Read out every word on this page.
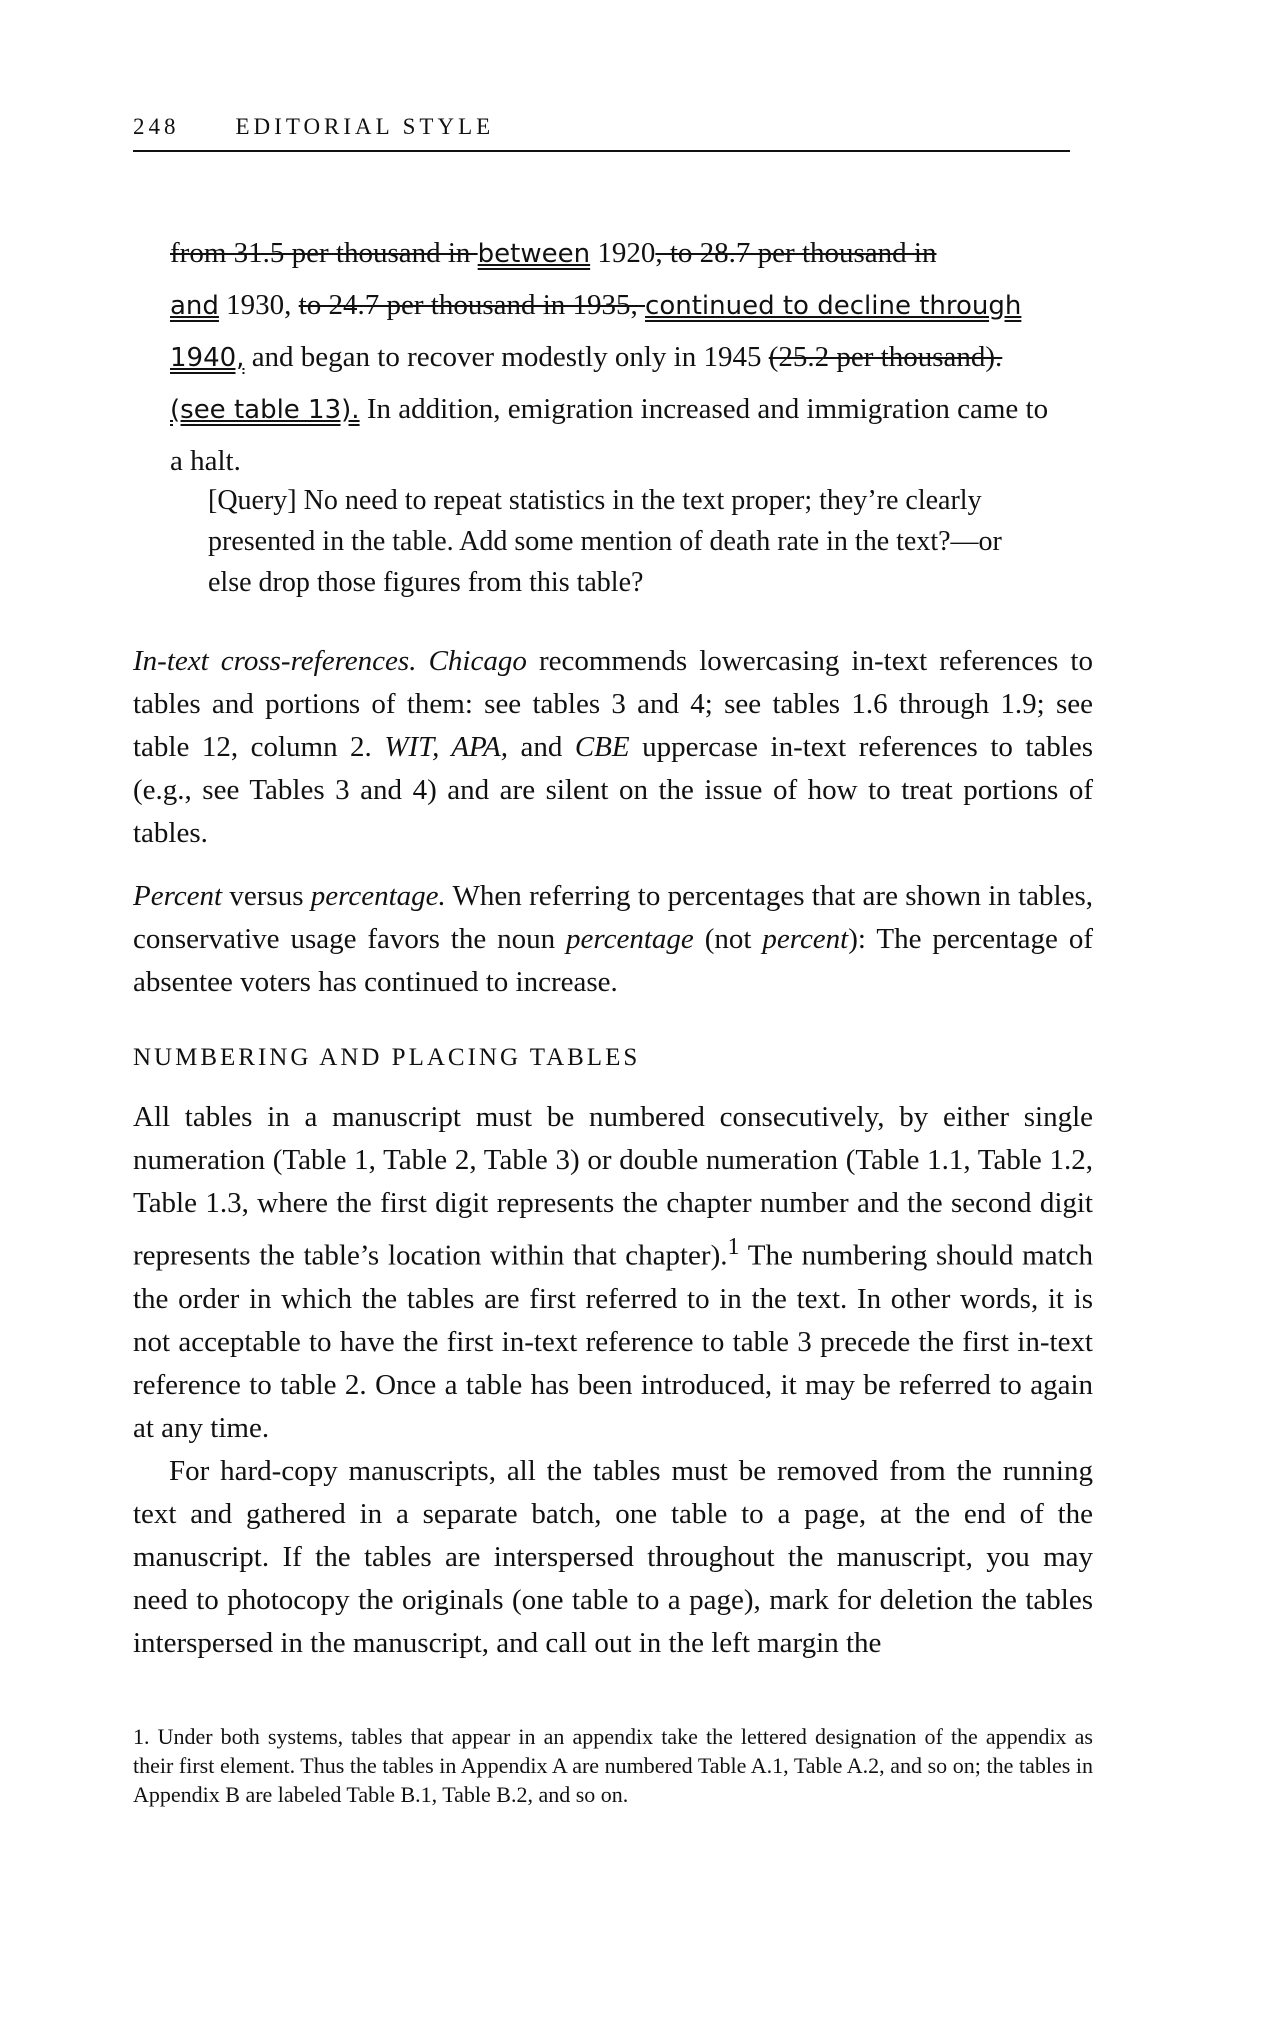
248 EDITORIAL STYLE
from 31.5 per thousand in between 1920, to 28.7 per thousand in
and 1930, to 24.7 per thousand in 1935, continued to decline through 1940, and began to recover modestly only in 1945 (25.2 per thousand). (see table 13). In addition, emigration increased and immigration came to a halt.
[Query] No need to repeat statistics in the text proper; they’re clearly presented in the table. Add some mention of death rate in the text?—or else drop those figures from this table?

In-text cross-references. Chicago recommends lowercasing in-text references to tables and portions of them: see tables 3 and 4; see tables 1.6 through 1.9; see table 12, column 2. WIT, APA, and CBE uppercase in-text references to tables (e.g., see Tables 3 and 4) and are silent on the issue of how to treat portions of tables.

Percent versus percentage. When referring to percentages that are shown in tables, conservative usage favors the noun percentage (not percent): The percentage of absentee voters has continued to increase.

NUMBERING AND PLACING TABLES

All tables in a manuscript must be numbered consecutively, by either single numeration (Table 1, Table 2, Table 3) or double numeration (Table 1.1, Table 1.2, Table 1.3, where the first digit represents the chapter number and the second digit represents the table’s location within that chapter).$^1$ The numbering should match the order in which the tables are first referred to in the text. In other words, it is not acceptable to have the first in-text reference to table 3 precede the first in-text reference to table 2. Once a table has been introduced, it may be referred to again at any time.

For hard-copy manuscripts, all the tables must be removed from the running text and gathered in a separate batch, one table to a page, at the end of the manuscript. If the tables are interspersed throughout the manuscript, you may need to photocopy the originals (one table to a page), mark for deletion the tables interspersed in the manuscript, and call out in the left margin the

1. Under both systems, tables that appear in an appendix take the lettered designation of the appendix as their first element. Thus the tables in Appendix A are numbered Table A.1, Table A.2, and so on; the tables in Appendix B are labeled Table B.1, Table B.2, and so on.
